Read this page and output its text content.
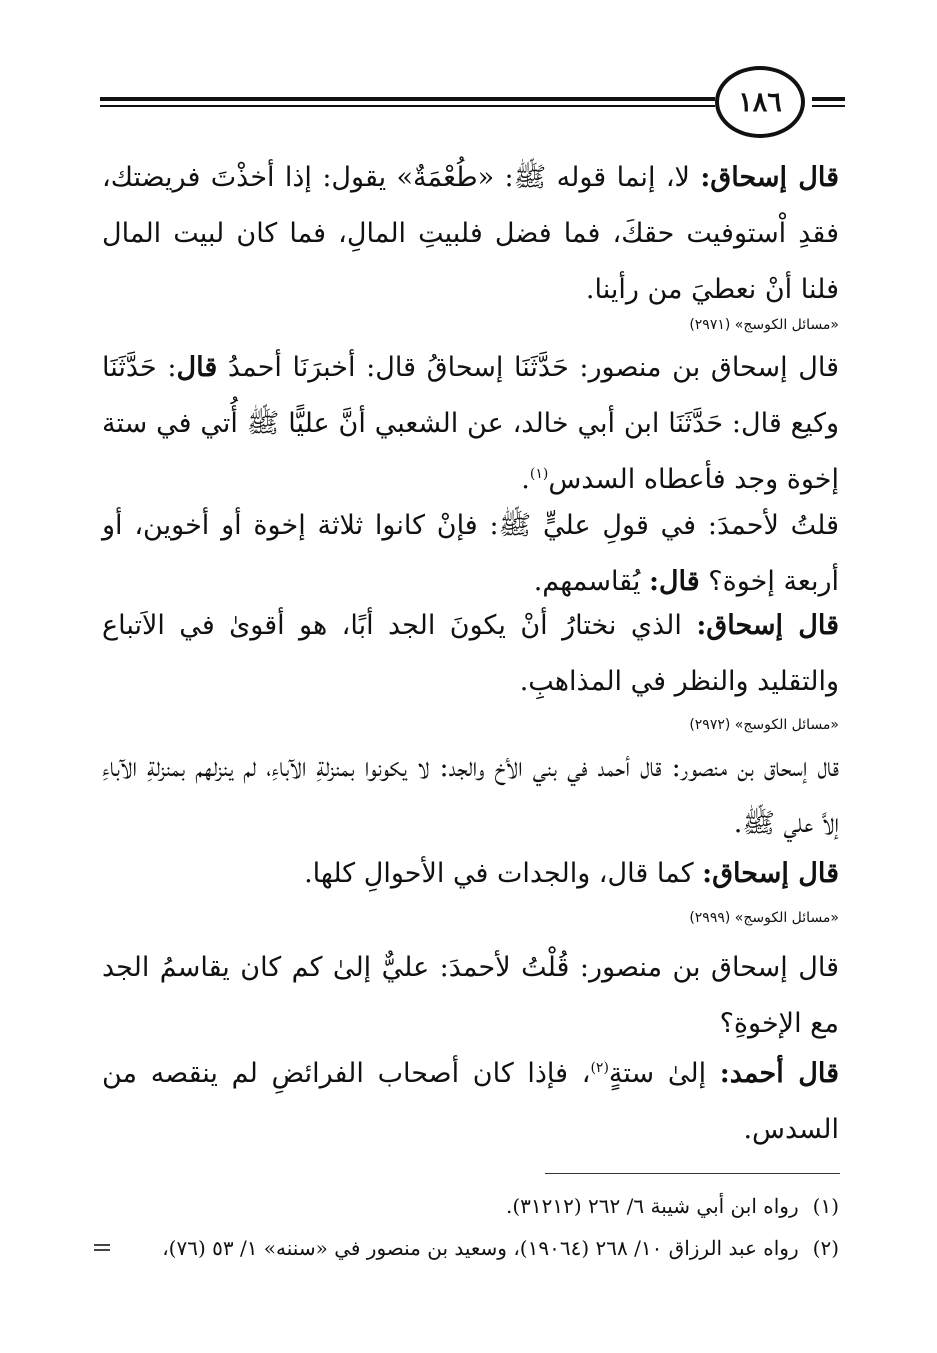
١٨٦

قال إسحاق: لا، إنما قوله ﷺ: «طُعْمَةٌ» يقول: إذا أخذْتَ فريضتك، فقدِ اْستوفيت حقكَ، فما فضل فلبيتِ المالِ، فما كان لبيت المال فلنا أنْ نعطيَ من رأينا.

«مسائل الكوسج» (٢٩٧١)

قال إسحاق بن منصور: حَدَّثَنَا إسحاقُ قال: أخبرَنَا أحمدُ قال: حَدَّثَنَا وكيع قال: حَدَّثَنَا ابن أبي خالد، عن الشعبي أنَّ عليًّا ﷺ أُتي في ستة إخوة وجد فأعطاه السدس$^{(١)}$.

قلتُ لأحمدَ: في قولِ عليٍّ ﷺ: فإنْ كانوا ثلاثة إخوة أو أخوين، أو أربعة إخوة؟ قال: يُقاسمهم.

قال إسحاق: الذي نختارُ أنْ يكونَ الجد أبًا، هو أقوىٰ في الاَتباع والتقليد والنظر في المذاهبِ.

«مسائل الكوسج» (٢٩٧٢)

قال إسحاق بن منصور: قال أحمد في بني الأخ والجد: لا يكونوا بمنزلةِ الآباءِ، لم ينزلهم بمنزلةِ الآباءِ إلاَّ علي ﷺ.

قال إسحاق: كما قال، والجدات في الأحوالِ كلها.

«مسائل الكوسج» (٢٩٩٩)

قال إسحاق بن منصور: قُلْتُ لأحمدَ: عليٌّ إلىٰ كم كان يقاسمُ الجد مع الإخوةِ؟

قال أحمد: إلىٰ ستةٍ$^{(٢)}$، فإذا كان أصحاب الفرائضِ لم ينقصه من السدس.

(١)رواه ابن أبي شيبة ٦/ ٢٦٢ (٣١٢١٢).
(٢)رواه عبد الرزاق ١٠/ ٢٦٨ (١٩٠٦٤)، وسعيد بن منصور في «سننه» ١/ ٥٣ (٧٦)،
